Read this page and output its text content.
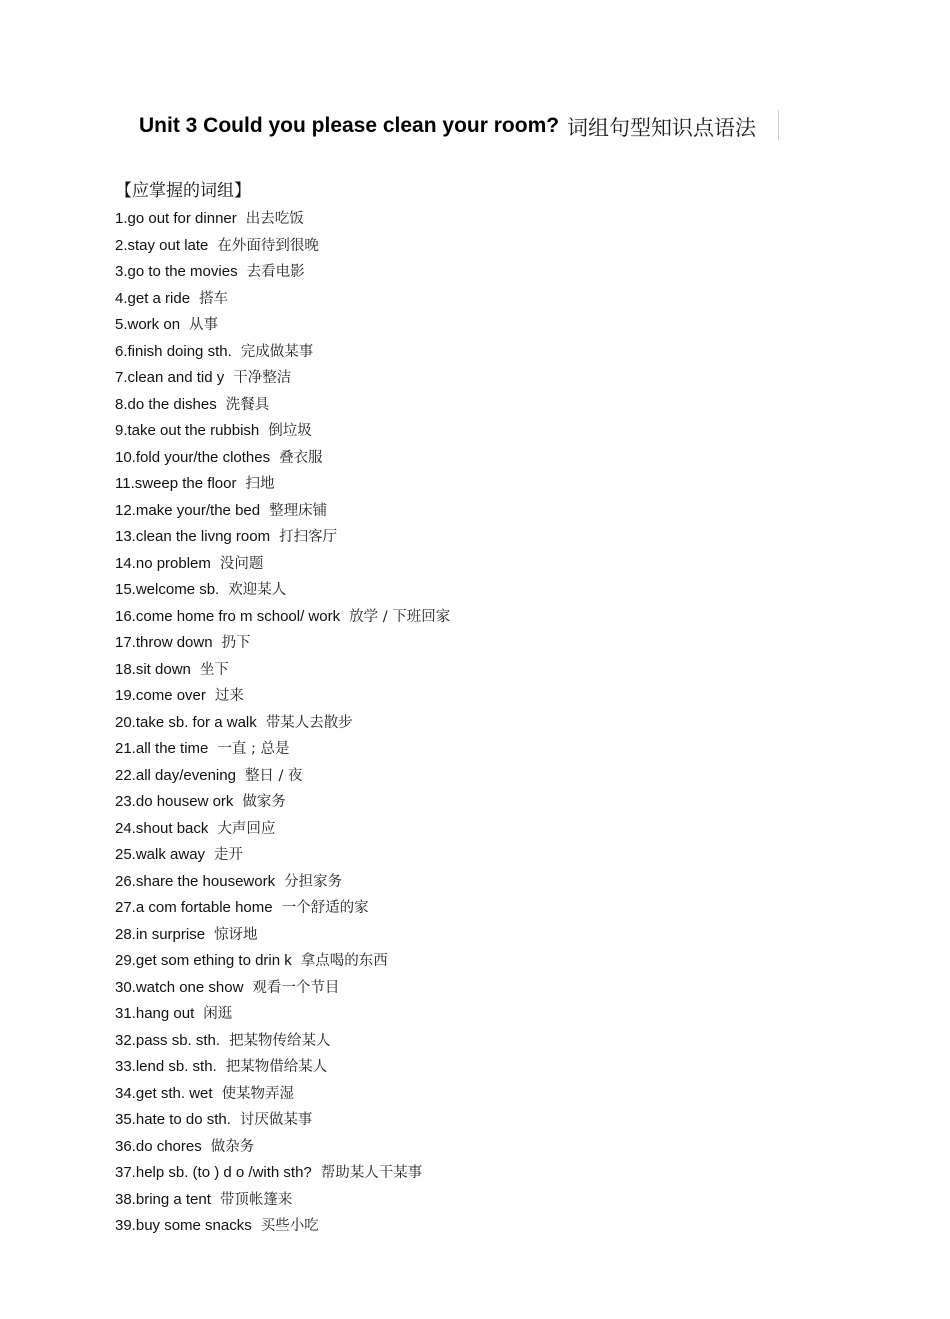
Unit 3 Could you please clean your room? 词组句型知识点语法
【应掌握的词组】
1.go out for dinner 出去吃饭
2.stay out late 在外面待到很晚
3.go to the movies 去看电影
4.get a ride 搭车
5.work on 从事
6.finish doing sth. 完成做某事
7.clean and tid y 干净整洁
8.do the dishes 洗餐具
9.take out the rubbish 倒垃圾
10.fold your/the clothes 叠衣服
11.sweep the floor 扫地
12.make your/the bed 整理床铺
13.clean the livng room 打扫客厅
14.no problem 没问题
15.welcome sb. 欢迎某人
16.come home fro m school/ work 放学 / 下班回家
17.throw down 扔下
18.sit down 坐下
19.come over 过来
20.take sb. for a walk 带某人去散步
21.all the time 一直 ; 总是
22.all day/evening 整日 / 夜
23.do housew ork 做家务
24.shout back 大声回应
25.walk away 走开
26.share the housework 分担家务
27.a com fortable home 一个舒适的家
28.in surprise 惊讶地
29.get som ething to drin k 拿点喝的东西
30.watch one show 观看一个节目
31.hang out 闲逛
32.pass sb. sth. 把某物传给某人
33.lend sb. sth. 把某物借给某人
34.get sth. wet 使某物弄湿
35.hate to do sth. 讨厌做某事
36.do chores 做杂务
37.help sb. (to ) d o /with sth? 帮助某人干某事
38.bring a tent 带顶帐篷来
39.buy some snacks 买些小吃
